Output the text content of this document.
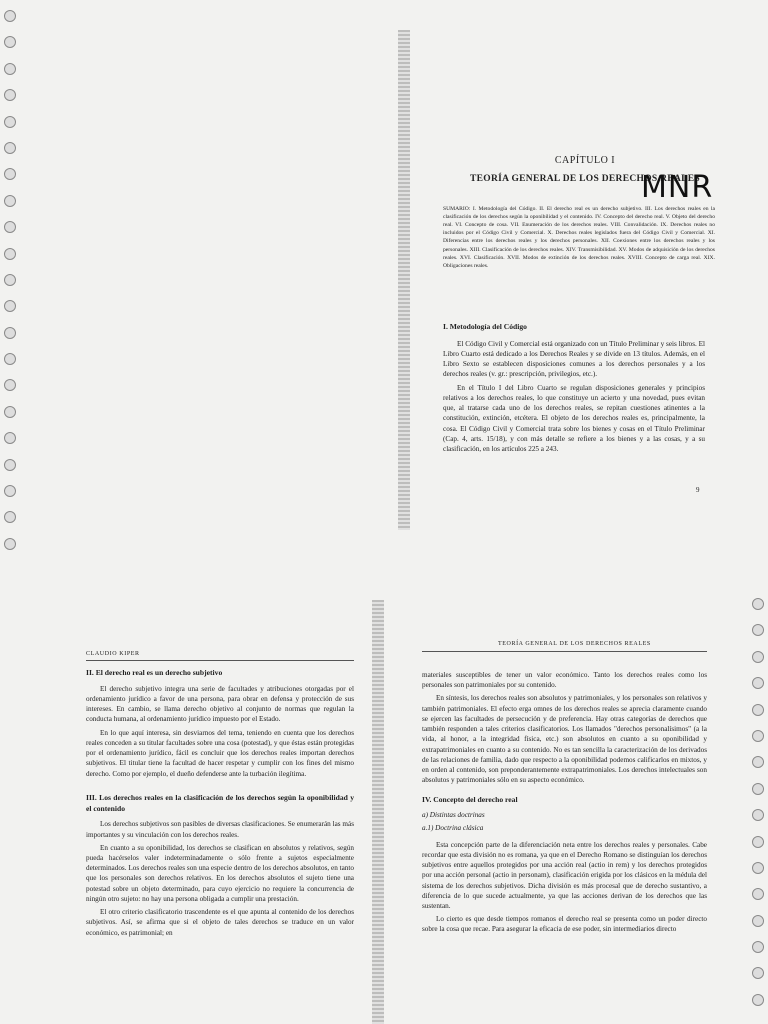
CAPÍTULO I
TEORÍA GENERAL DE LOS DERECHOS REALES
MNR
SUMARIO: I. Metodología del Código. II. El derecho real es un derecho subjetivo. III. Los derechos reales en la clasificación de los derechos según la oponibilidad y el contenido. IV. Concepto del derecho real. V. Objeto del derecho real. VI. Concepto de cosa. VII. Enumeración de los derechos reales. VIII. Convalidación. IX. Derechos reales no incluidos por el Código Civil y Comercial. X. Derechos reales legislados fuera del Código Civil y Comercial. XI. Diferencias entre los derechos reales y los derechos personales. XII. Coexiones entre los derechos reales y los personales. XIII. Clasificación de los derechos reales. XIV. Transmisibilidad. XV. Modos de adquisición de los derechos reales. XVI. Clasificación. XVII. Modos de extinción de los derechos reales. XVIII. Concepto de carga real. XIX. Obligaciones reales.
I. Metodología del Código

El Código Civil y Comercial está organizado con un Título Preliminar y seis libros. El Libro Cuarto está dedicado a los Derechos Reales y se divide en 13 títulos. Además, en el Libro Sexto se establecen disposiciones comunes a los derechos personales y a los derechos reales (v. gr.: prescripción, privilegios, etc.).

En el Título I del Libro Cuarto se regulan disposiciones generales y principios relativos a los derechos reales, lo que constituye un acierto y una novedad, pues evitan que, al tratarse cada uno de los derechos reales, se repitan cuestiones atinentes a la constitución, extinción, etcétera. El objeto de los derechos reales es, principalmente, la cosa. El Código Civil y Comercial trata sobre los bienes y cosas en el Título Preliminar (Cap. 4, arts. 15/18), y con más detalle se refiere a los bienes y a las cosas, y a su clasificación, en los artículos 225 a 243.

9
CLAUDIO KIPER
II. El derecho real es un derecho subjetivo

El derecho subjetivo integra una serie de facultades y atribuciones otorgadas por el ordenamiento jurídico a favor de una persona, para obrar en defensa y protección de sus intereses. En cambio, se llama derecho objetivo al conjunto de normas que regulan la conducta humana, al ordenamiento jurídico impuesto por el Estado.

En lo que aquí interesa, sin desviarnos del tema, teniendo en cuenta que los derechos reales conceden a su titular facultades sobre una cosa (potestad), y que éstas están protegidas por el ordenamiento jurídico, fácil es concluir que los derechos reales importan derechos subjetivos. El titular tiene la facultad de hacer respetar y cumplir con los fines del mismo derecho. Como por ejemplo, el dueño defenderse ante la turbación ilegítima.

III. Los derechos reales en la clasificación de los derechos según la oponibilidad y el contenido

Los derechos subjetivos son pasibles de diversas clasificaciones. Se enumerarán las más importantes y su vinculación con los derechos reales.

En cuanto a su oponibilidad, los derechos se clasifican en absolutos y relativos, según pueda hacérselos valer indeterminadamente o sólo frente a sujetos especialmente determinados. Los derechos reales son una especie dentro de los derechos absolutos, en tanto que los personales son derechos relativos. En los derechos absolutos el sujeto tiene una potestad sobre un objeto determinado, para cuyo ejercicio no requiere la concurrencia de ningún otro sujeto: no hay una persona obligada a cumplir una prestación.

El otro criterio clasificatorio trascendente es el que apunta al contenido de los derechos subjetivos. Así, se afirma que si el objeto de tales derechos se traduce en un valor económico, es patrimonial; en

TEORÍA GENERAL DE LOS DERECHOS REALES

materiales susceptibles de tener un valor económico. Tanto los derechos reales como los personales son patrimoniales por su contenido.

En síntesis, los derechos reales son absolutos y patrimoniales, y los personales son relativos y también patrimoniales. El efecto erga omnes de los derechos reales se aprecia claramente cuando se ejercen las facultades de persecución y de preferencia. Hay otras categorías de derechos que también responden a tales criterios clasificatorios. Los llamados "derechos personalísimos" (a la vida, al honor, a la integridad física, etc.) son absolutos en cuanto a su oponibilidad y extrapatrimoniales en cuanto a su contenido. No es tan sencilla la caracterización de los derivados de las relaciones de familia, dado que respecto a la oponibilidad podemos calificarlos en mixtos, y en orden al contenido, son preponderantemente extrapatrimoniales. Los derechos intelectuales son absolutos y patrimoniales sólo en su aspecto económico.

IV. Concepto del derecho real
a) Distintas doctrinas
a.1) Doctrina clásica

Esta concepción parte de la diferenciación neta entre los derechos reales y personales. Cabe recordar que esta división no es romana, ya que en el Derecho Romano se distinguían los derechos subjetivos entre aquellos protegidos por una acción real (actio in rem) y los derechos protegidos por una acción personal (actio in personam), clasificación erigida por los clásicos en la médula del sistema de los derechos subjetivos. Dicha división es más procesal que de derecho sustantivo, a diferencia de lo que sucede actualmente, ya que las acciones derivan de los derechos que las sustentan.

Lo cierto es que desde tiempos romanos el derecho real se presenta como un poder directo sobre la cosa que recae. Para asegurar la eficacia de ese poder, sin intermediarios directo
